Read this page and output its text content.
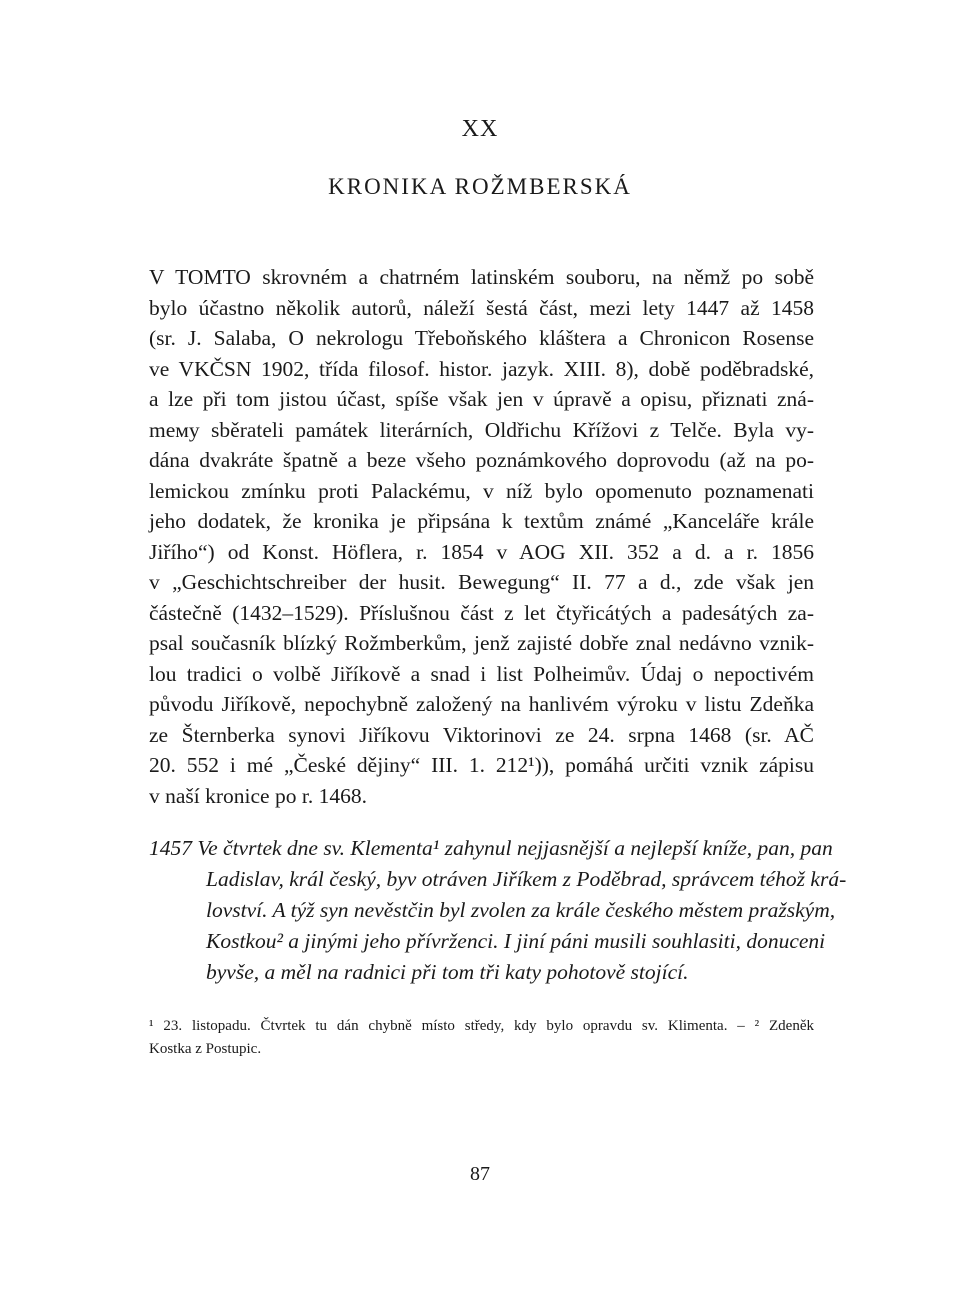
XX
KRONIKA ROŽMBERSKÁ
V TOMTO skrovném a chatrném latinském souboru, na němž po sobě
bylo účastno několik autorů, náleží šestá část, mezi lety 1447 až 1458
(sr. J. Salaba, O nekrologu Třeboňského kláštera a Chronicon Rosense
ve VKČSN 1902, třída filosof. histor. jazyk. XIII. 8), době poděbradské,
a lze při tom jistou účast, spíše však jen v úpravě a opisu, přiznati zná-
meму sběrateli památek literárních, Oldřichu Křížovi z Telče. Byla vy-
dána dvakráte špatně a beze všeho poznámkového doprovodu (až na po-
lemickou zmínku proti Palackému, v níž bylo opomenuto poznamenati
jeho dodatek, že kronika je připsána k textům známé „Kanceláře krále
Jiřího“) od Konst. Höflera, r. 1854 v AOG XII. 352 a d. a r. 1856
v „Geschichtschreiber der husit. Bewegung“ II. 77 a d., zde však jen
částečně (1432–1529). Příslušnou část z let čtyřicátých a padesátých za-
psal současník blízký Rožmberkům, jenž zajisté dobře znal nedávno vznik-
lou tradici o volbě Jiříkově a snad i list Polheimův. Údaj o nepoctivém
původu Jiříkově, nepochybně založený na hanlivém výroku v listu Zdeňka
ze Šternberka synovi Jiříkovu Viktorinovi ze 24. srpna 1468 (sr. AČ
20. 552 i mé „České dějiny“ III. 1. 212¹)), pomáhá určiti vznik zápisu
v naší kronice po r. 1468.
1457 Ve čtvrtek dne sv. Klementa¹ zahynul nejjasnější a nejlepší kníže, pan, pan
Ladislav, král český, byv otráven Jiříkem z Poděbrad, správcem téhož krá-
lovství. A týž syn nevěstčin byl zvolen za krále českého městem pražským,
Kostkou² a jinými jeho přívrženci. I jiní páni musili souhlasiti, donuceni
byvše, a měl na radnici při tom tři katy pohotově stojící.
¹ 23. listopadu. Čtvrtek tu dán chybně místo středy, kdy bylo opravdu sv. Klimenta. – ² Zdeněk
Kostka z Postupic.
87
